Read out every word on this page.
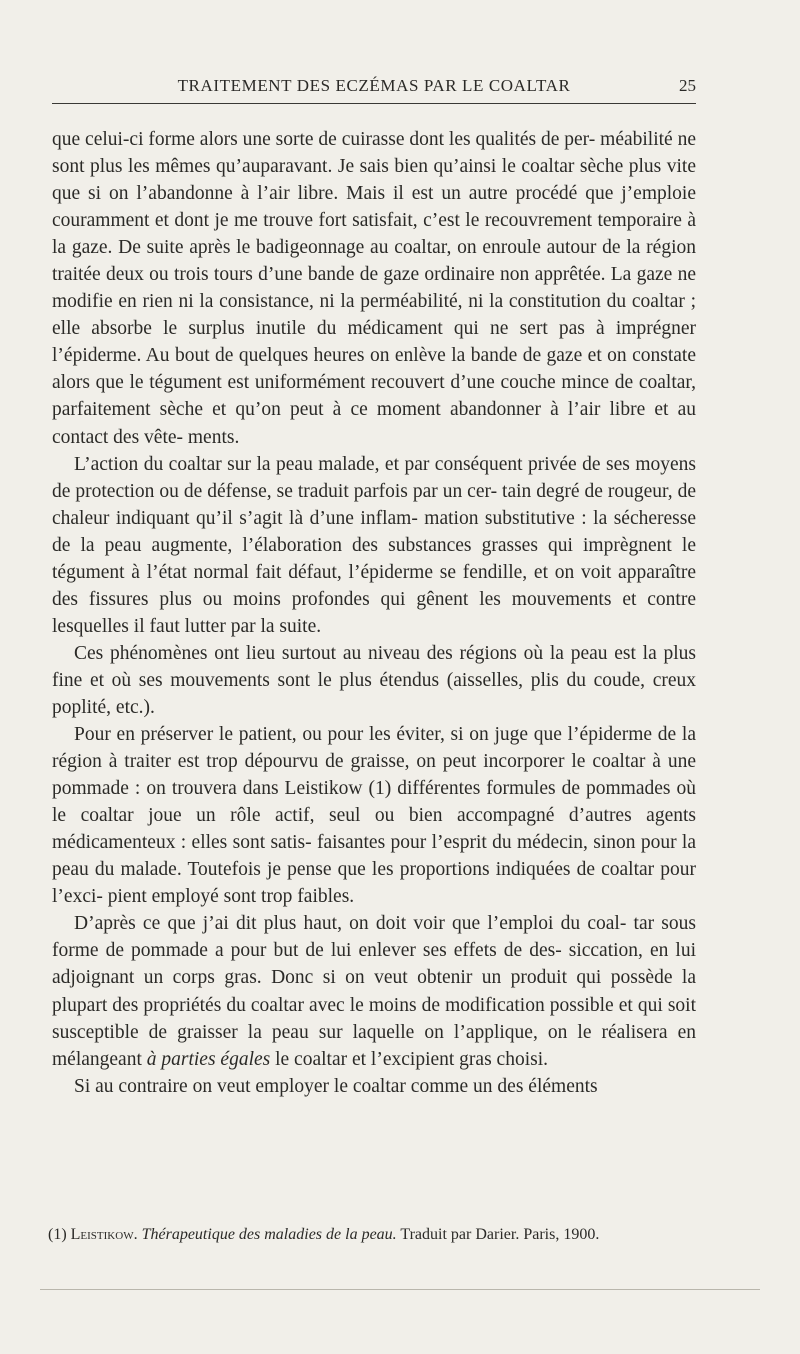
TRAITEMENT DES ECZÉMAS PAR LE COALTAR	25

que celui-ci forme alors une sorte de cuirasse dont les qualités de per- méabilité ne sont plus les mêmes qu’auparavant. Je sais bien qu’ainsi le coaltar sèche plus vite que si on l’abandonne à l’air libre. Mais il est un autre procédé que j’emploie couramment et dont je me trouve fort satisfait, c’est le recouvrement temporaire à la gaze. De suite après le badigeonnage au coaltar, on enroule autour de la région traitée deux ou trois tours d’une bande de gaze ordinaire non apprêtée. La gaze ne modifie en rien ni la consistance, ni la perméabilité, ni la constitution du coaltar ; elle absorbe le surplus inutile du médicament qui ne sert pas à imprégner l’épiderme. Au bout de quelques heures on enlève la bande de gaze et on constate alors que le tégument est uniformément recouvert d’une couche mince de coaltar, parfaitement sèche et qu’on peut à ce moment abandonner à l’air libre et au contact des vête- ments.

L’action du coaltar sur la peau malade, et par conséquent privée de ses moyens de protection ou de défense, se traduit parfois par un cer- tain degré de rougeur, de chaleur indiquant qu’il s’agit là d’une inflam- mation substitutive : la sécheresse de la peau augmente, l’élaboration des substances grasses qui imprègnent le tégument à l’état normal fait défaut, l’épiderme se fendille, et on voit apparaître des fissures plus ou moins profondes qui gênent les mouvements et contre lesquelles il faut lutter par la suite.

Ces phénomènes ont lieu surtout au niveau des régions où la peau est la plus fine et où ses mouvements sont le plus étendus (aisselles, plis du coude, creux poplité, etc.).

Pour en préserver le patient, ou pour les éviter, si on juge que l’épiderme de la région à traiter est trop dépourvu de graisse, on peut incorporer le coaltar à une pommade : on trouvera dans Leistikow (1) différentes formules de pommades où le coaltar joue un rôle actif, seul ou bien accompagné d’autres agents médicamenteux : elles sont satis- faisantes pour l’esprit du médecin, sinon pour la peau du malade. Toutefois je pense que les proportions indiquées de coaltar pour l’exci- pient employé sont trop faibles.

D’après ce que j’ai dit plus haut, on doit voir que l’emploi du coal- tar sous forme de pommade a pour but de lui enlever ses effets de des- siccation, en lui adjoignant un corps gras. Donc si on veut obtenir un produit qui possède la plupart des propriétés du coaltar avec le moins de modification possible et qui soit susceptible de graisser la peau sur laquelle on l’applique, on le réalisera en mélangeant à parties égales le coaltar et l’excipient gras choisi.

Si au contraire on veut employer le coaltar comme un des éléments

(1) Leistikow. Thérapeutique des maladies de la peau. Traduit par Darier. Paris, 1900.
